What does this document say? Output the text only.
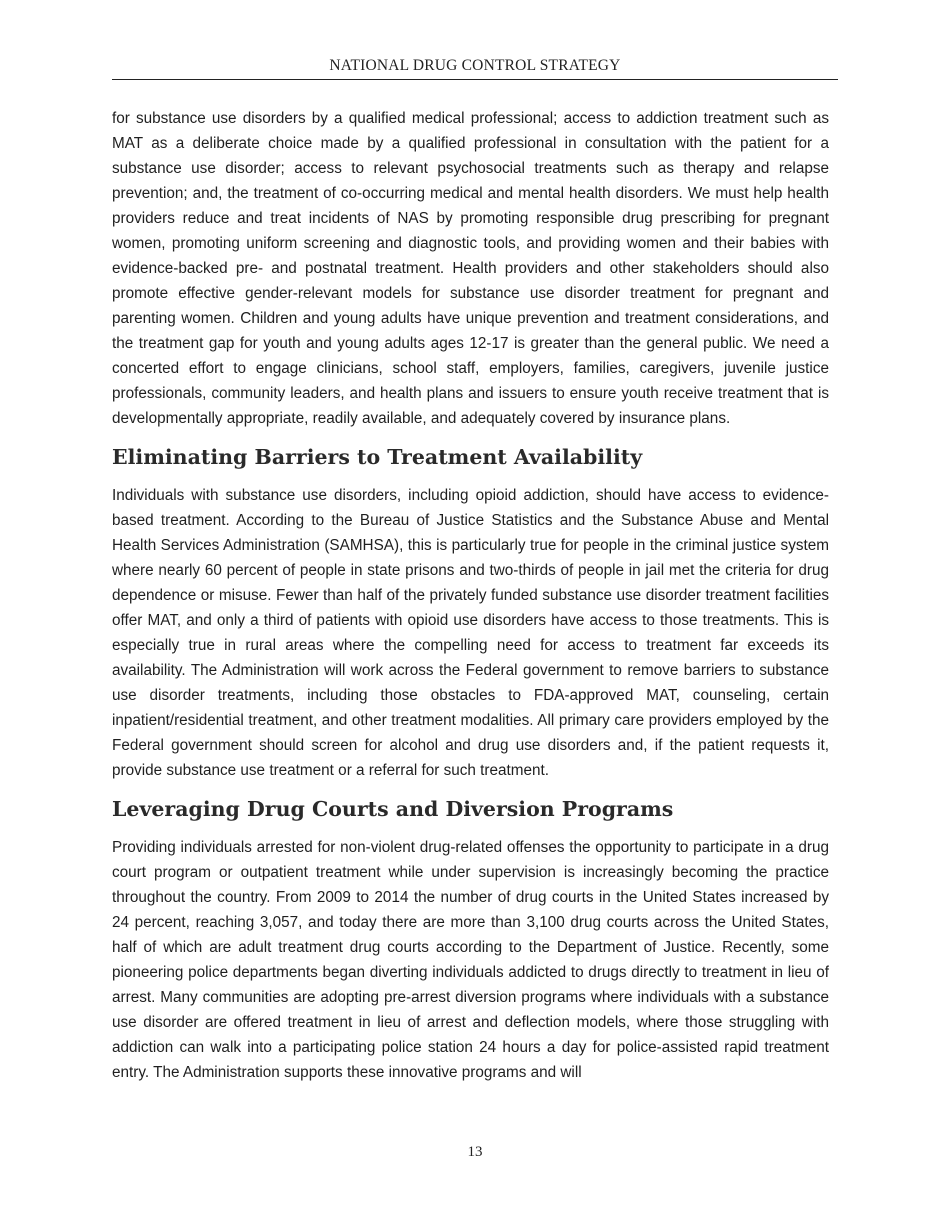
NATIONAL DRUG CONTROL STRATEGY

for substance use disorders by a qualified medical professional; access to addiction treatment such as MAT as a deliberate choice made by a qualified professional in consultation with the patient for a substance use disorder; access to relevant psychosocial treatments such as therapy and relapse prevention; and, the treatment of co-occurring medical and mental health disorders. We must help health providers reduce and treat incidents of NAS by promoting responsible drug prescribing for pregnant women, promoting uniform screening and diagnostic tools, and providing women and their babies with evidence-backed pre- and postnatal treatment. Health providers and other stakeholders should also promote effective gender-relevant models for substance use disorder treatment for pregnant and parenting women. Children and young adults have unique prevention and treatment considerations, and the treatment gap for youth and young adults ages 12-17 is greater than the general public. We need a concerted effort to engage clinicians, school staff, employers, families, caregivers, juvenile justice professionals, community leaders, and health plans and issuers to ensure youth receive treatment that is developmentally appropriate, readily available, and adequately covered by insurance plans.

Eliminating Barriers to Treatment Availability

Individuals with substance use disorders, including opioid addiction, should have access to evidence-based treatment. According to the Bureau of Justice Statistics and the Substance Abuse and Mental Health Services Administration (SAMHSA), this is particularly true for people in the criminal justice system where nearly 60 percent of people in state prisons and two-thirds of people in jail met the criteria for drug dependence or misuse. Fewer than half of the privately funded substance use disorder treatment facilities offer MAT, and only a third of patients with opioid use disorders have access to those treatments. This is especially true in rural areas where the compelling need for access to treatment far exceeds its availability. The Administration will work across the Federal government to remove barriers to substance use disorder treatments, including those obstacles to FDA-approved MAT, counseling, certain inpatient/residential treatment, and other treatment modalities. All primary care providers employed by the Federal government should screen for alcohol and drug use disorders and, if the patient requests it, provide substance use treatment or a referral for such treatment.

Leveraging Drug Courts and Diversion Programs

Providing individuals arrested for non-violent drug-related offenses the opportunity to participate in a drug court program or outpatient treatment while under supervision is increasingly becoming the practice throughout the country. From 2009 to 2014 the number of drug courts in the United States increased by 24 percent, reaching 3,057, and today there are more than 3,100 drug courts across the United States, half of which are adult treatment drug courts according to the Department of Justice. Recently, some pioneering police departments began diverting individuals addicted to drugs directly to treatment in lieu of arrest. Many communities are adopting pre-arrest diversion programs where individuals with a substance use disorder are offered treatment in lieu of arrest and deflection models, where those struggling with addiction can walk into a participating police station 24 hours a day for police-assisted rapid treatment entry. The Administration supports these innovative programs and will

13
